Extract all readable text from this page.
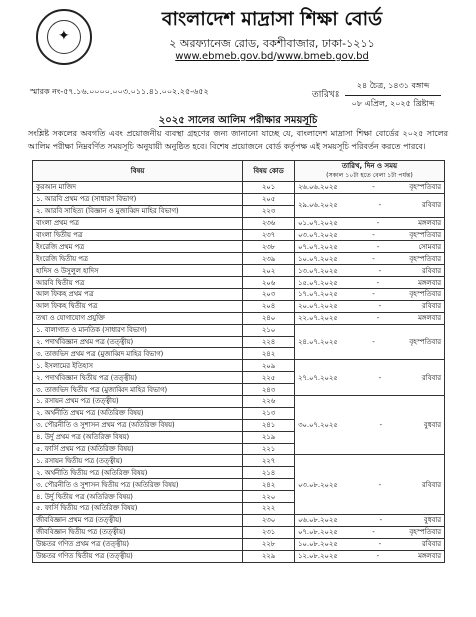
✦
বাংলাদেশ মাদ্রাসা শিক্ষা বোর্ড
২ অরফ্যানেজ রোড, বকশীবাজার, ঢাকা-১২১১
www.ebmeb.gov.bd/www.bmeb.gov.bd
স্মারক নং-৫৭.১৬.০০০০.০০৩.০১১.৪১.০০২.২৫-৬৫২	তারিখঃ
২৪ চৈত্র, ১৪৩১ বঙ্গাব্দ
০৮ এপ্রিল, ২০২৫ খ্রিষ্টাব্দ
২০২৫ সালের আলিম পরীক্ষার সময়সূচি
সংশ্লিষ্ট সকলের অবগতি এবং প্রয়োজনীয় ব্যবস্থা গ্রহণের জন্য জানানো যাচ্ছে যে, বাংলাদেশ মাদ্রাসা শিক্ষা বোর্ডের ২০২৫ সালের আলিম পরীক্ষা নিম্নবর্ণিত সময়সূচি অনুযায়ী অনুষ্ঠিত হবে। বিশেষ প্রয়োজনে বোর্ড কর্তৃপক্ষ এই সময়সূচি পরিবর্তন করতে পারবে।
বিষয়	বিষয় কোড	তারিখ, দিন ও সময়
(সকাল ১০টা হতে বেলা ১টা পর্যন্ত)

কুরআন মাজিদ	২০১	২৬.০৬.২০২৫ - বৃহস্পতিবার

১. আরবি প্রথম পত্র (সাধারণ বিভাগ)	২০৫	২৯.০৬.২০২৫ - রবিবার

২. আরবি সাহিত্য (বিজ্ঞান ও মুজাব্বিদ মাহির বিভাগ)	২২৩	
বাংলা প্রথম পত্র	২৩৬	০১.০৭.২০২৫ - মঙ্গলবার

বাংলা দ্বিতীয় পত্র	২৩৭	০৩.০৭.২০২৫ - বৃহস্পতিবার

ইংরেজি প্রথম পত্র	২৩৮	০৭.০৭.২০২৫ - সোমবার

ইংরেজি দ্বিতীয় পত্র	২৩৯	১০.০৭.২০২৫ - বৃহস্পতিবার

হাদিস ও উসুলুল হাদিস	২০২	১৩.০৭.২০২৫ - রবিবার

আরবি দ্বিতীয় পত্র	২০৬	১৫.০৭.২০২৫ - মঙ্গলবার

আল ফিকহ প্রথম পত্র	২০৩	১৭.০৭.২০২৫ - বৃহস্পতিবার

আল ফিকহ দ্বিতীয় পত্র	২০৪	২০.০৭.২০২৫ - রবিবার

তথ্য ও যোগাযোগ প্রযুক্তি	২৪০	২২.০৭.২০২৫ - মঙ্গলবার

১. বালাগাত ও মানতিক (সাধারণ বিভাগ)	২১০	২৪.০৭.২০২৫ - বৃহস্পতিবার

২. পদার্থবিজ্ঞান প্রথম পত্র (তত্ত্বীয়)	২২৪	
৩. তাজভিদ প্রথম পত্র (মুজাব্বিদ মাহির বিভাগ)	২৪২	
১. ইসলামের ইতিহাস	২০৯	২৭.০৭.২০২৫ - রবিবার

২. পদার্থবিজ্ঞান দ্বিতীয় পত্র (তত্ত্বীয়)	২২৫	
৩. তাজভিদ দ্বিতীয় পত্র (মুজাব্বিদ মাহির বিভাগ)	২৪৩	
১. রসায়ন প্রথম পত্র (তত্ত্বীয়)	২২৬	৩০.০৭.২০২৫ - বুধবার

২. অর্থনীতি প্রথম পত্র (অতিরিক্ত বিষয়)	২১৩	
৩. পৌরনীতি ও সুশাসন প্রথম পত্র (অতিরিক্ত বিষয়)	২৪১	
৪. উর্দু প্রথম পত্র (অতিরিক্ত বিষয়)	২১৯	
৫. ফার্সি প্রথম পত্র (অতিরিক্ত বিষয়)	২২১	
১. রসায়ন দ্বিতীয় পত্র (তত্ত্বীয়)	২২৭	০৩.০৮.২০২৫ - রবিবার

২. অর্থনীতি দ্বিতীয় পত্র (অতিরিক্ত বিষয়)	২১৪	
৩. পৌরনীতি ও সুশাসন দ্বিতীয় পত্র (অতিরিক্ত বিষয়)	২৪২	
৪. উর্দু দ্বিতীয় পত্র (অতিরিক্ত বিষয়)	২২০	
৫. ফার্সি দ্বিতীয় পত্র (অতিরিক্ত বিষয়)	২২২	
জীববিজ্ঞান প্রথম পত্র (তত্ত্বীয়)	২৩০	০৬.০৮.২০২৫ - বুধবার

জীববিজ্ঞান দ্বিতীয় পত্র (তত্ত্বীয়)	২৩১	০৭.০৮.২০২৫ - বৃহস্পতিবার

উচ্চতর গণিত প্রথম পত্র (তত্ত্বীয়)	২২৮	১০.০৮.২০২৫ - রবিবার

উচ্চতর গণিত দ্বিতীয় পত্র (তত্ত্বীয়)	২২৯	১২.০৮.২০২৫ - মঙ্গলবার
